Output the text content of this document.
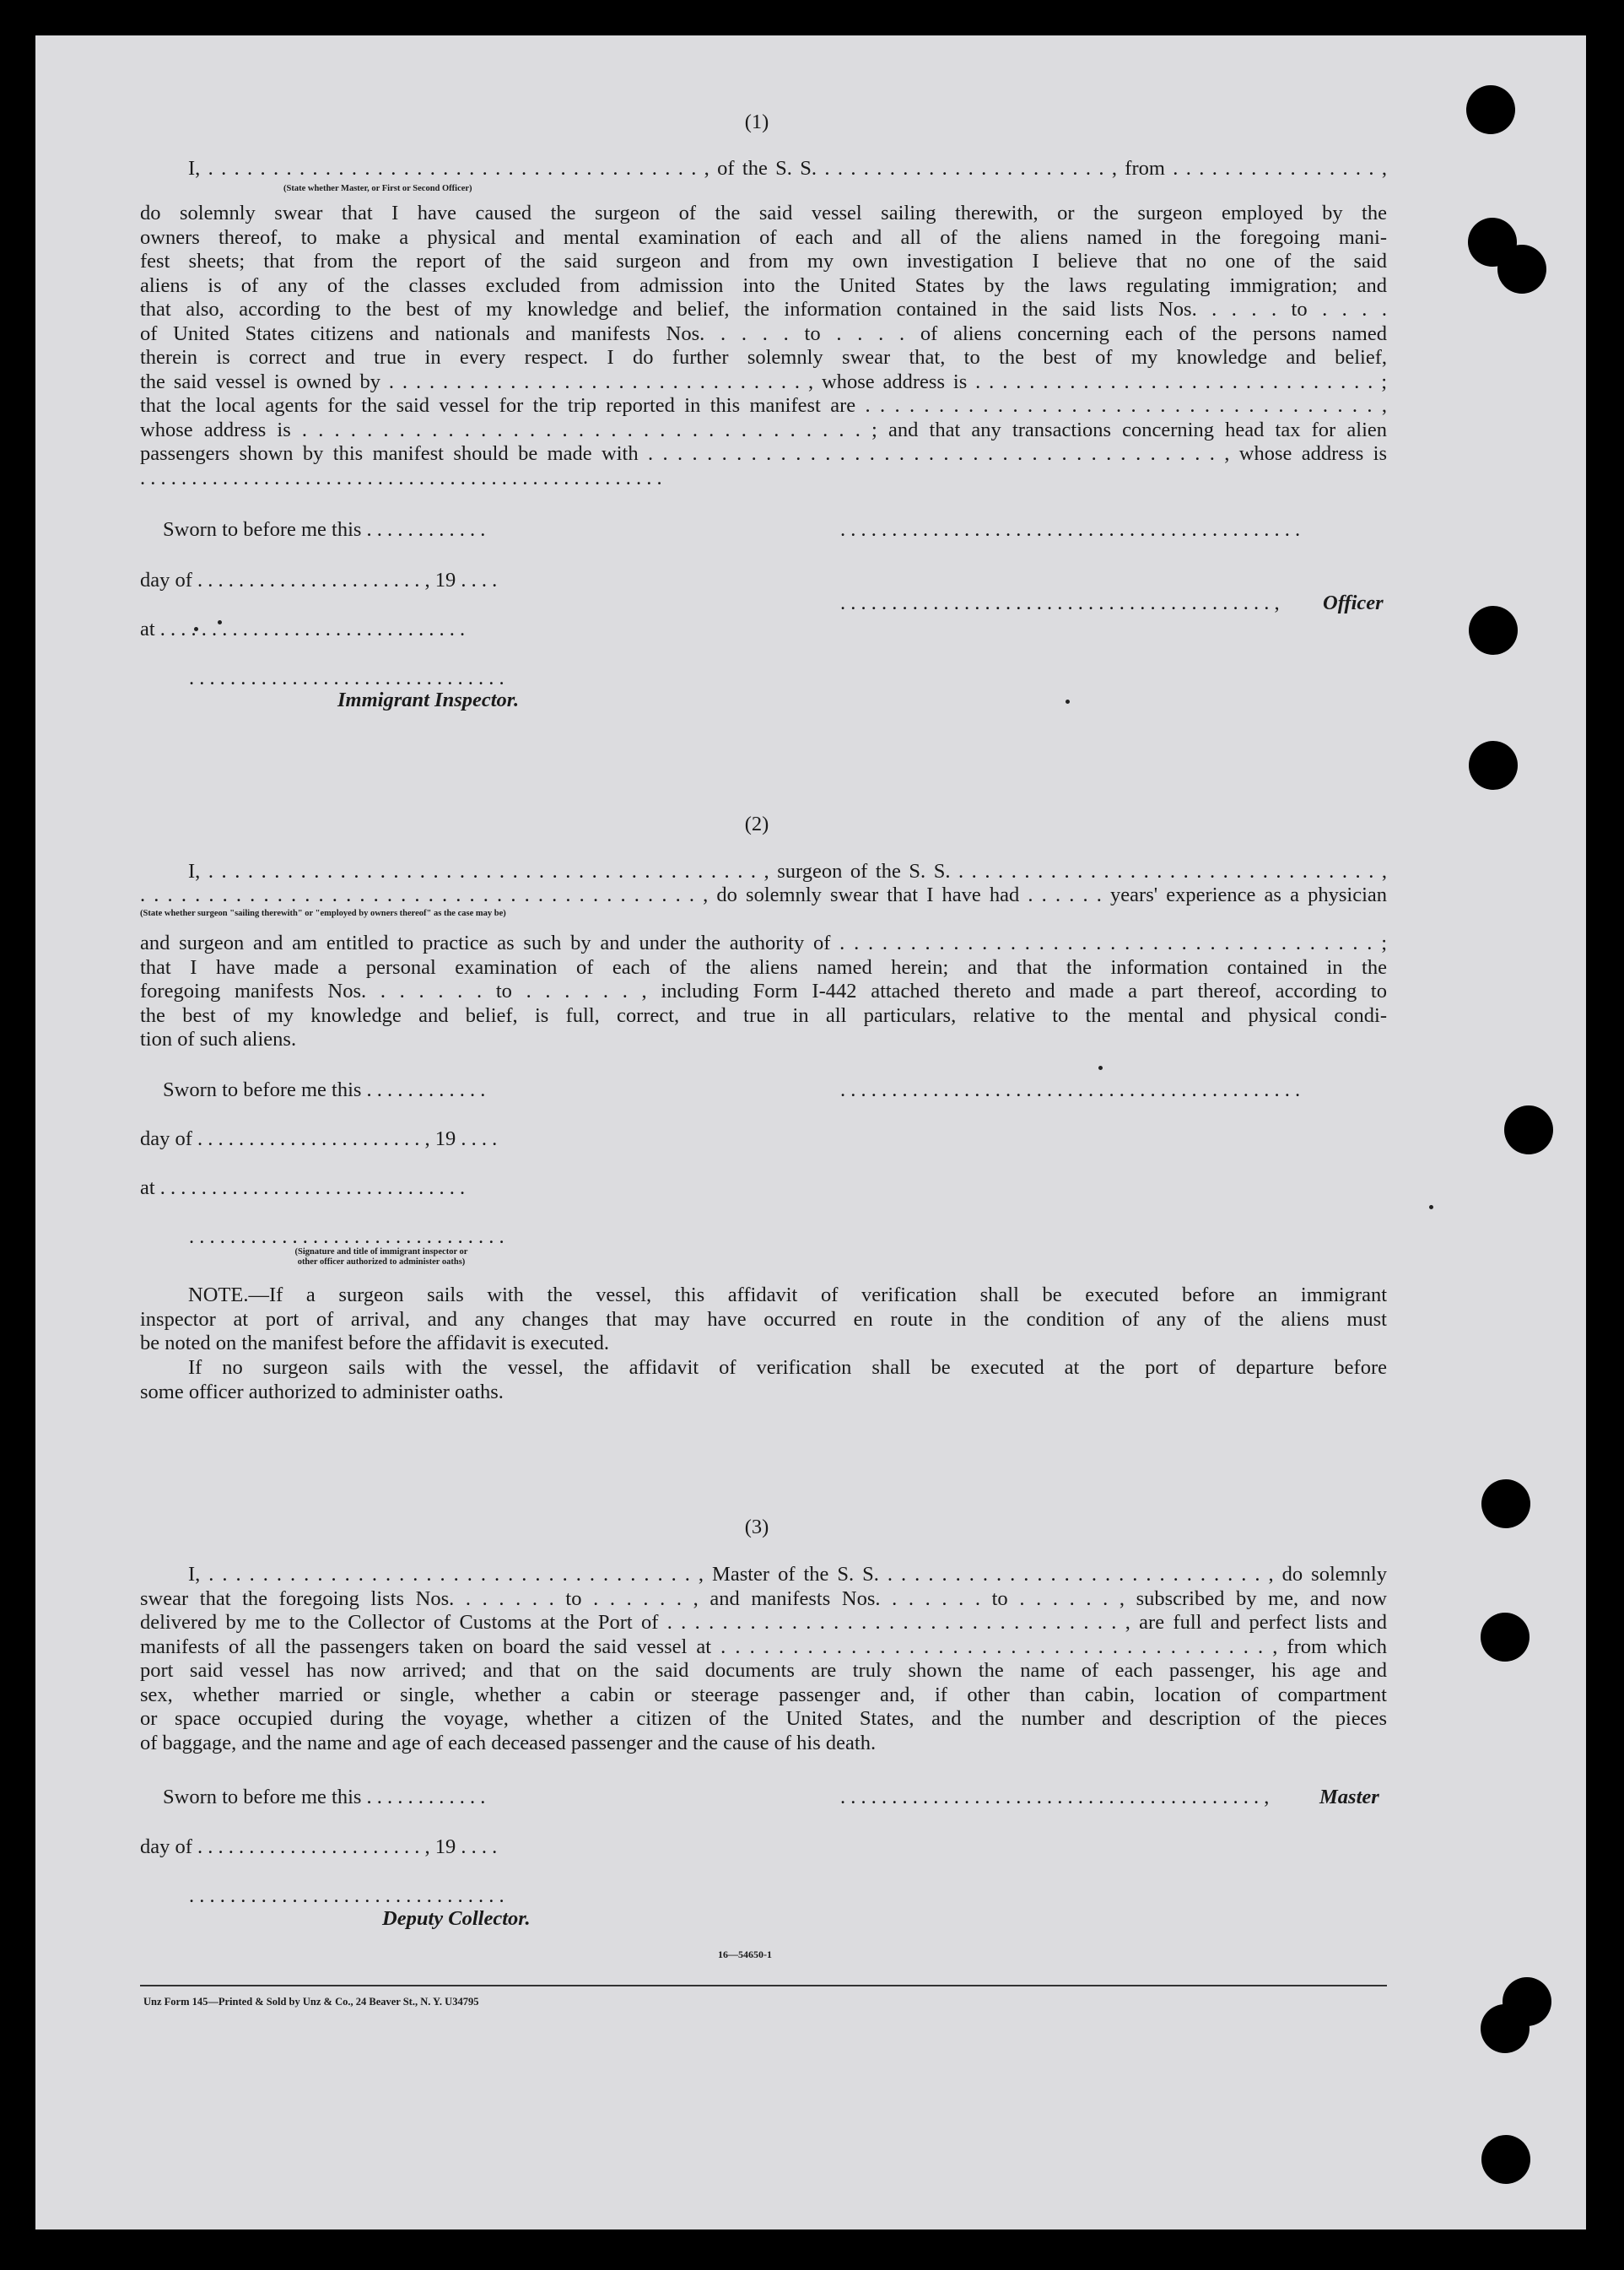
(1)
I, . . . . . . . . . . . . . . . . . . . . . . . . . . . . . . . . . . . . . . , of the S. S. . . . . . . . . . . . . . . . . . . . . . . , from . . . . . . . . . . . . . . . . ,
(State whether Master, or First or Second Officer)
do solemnly swear that I have caused the surgeon of the said vessel sailing therewith, or the surgeon employed by the
owners thereof, to make a physical and mental examination of each and all of the aliens named in the foregoing mani-
fest sheets; that from the report of the said surgeon and from my own investigation I believe that no one of the said
aliens is of any of the classes excluded from admission into the United States by the laws regulating immigration; and
that also, according to the best of my knowledge and belief, the information contained in the said lists Nos. . . . . to . . . .
of United States citizens and nationals and manifests Nos. . . . . to . . . . of aliens concerning each of the persons named
therein is correct and true in every respect. I do further solemnly swear that, to the best of my knowledge and belief,
the said vessel is owned by . . . . . . . . . . . . . . . . . . . . . . . . . . . . . . . , whose address is . . . . . . . . . . . . . . . . . . . . . . . . . . . . . . ;
that the local agents for the said vessel for the trip reported in this manifest are . . . . . . . . . . . . . . . . . . . . . . . . . . . . . . . . . . . ,
whose address is . . . . . . . . . . . . . . . . . . . . . . . . . . . . . . . . . . . ; and that any transactions concerning head tax for alien
passengers shown by this manifest should be made with . . . . . . . . . . . . . . . . . . . . . . . . . . . . . . . . . . . . . . . , whose address is
. . . . . . . . . . . . . . . . . . . . . . . . . . . . . . . . . . . . . . . . . . . . . . . . . . .
Sworn to before me this . . . . . . . . . . . .
day of . . . . . . . . . . . . . . . . . . . . . . , 19 . . . .
at . . . . . . . . . . . . . . . . . . . . . . . . . . . . . .
. . . . . . . . . . . . . . . . . . . . . . . . . . . . . . .
Immigrant Inspector.
. . . . . . . . . . . . . . . . . . . . . . . . . . . . . . . . . . . . . . . . . . . . .
. . . . . . . . . . . . . . . . . . . . . . . . . . . . . . . . . . . . . . . . . . , Officer
(2)
I, . . . . . . . . . . . . . . . . . . . . . . . . . . . . . . . . . . . . . . . . . . , surgeon of the S. S. . . . . . . . . . . . . . . . . . . . . . . . . . . . . . . . . ,
. . . . . . . . . . . . . . . . . . . . . . . . . . . . . . . . . . . . . . . . . , do solemnly swear that I have had . . . . . . years' experience as a physician
(State whether surgeon "sailing therewith" or "employed by owners thereof" as the case may be)
and surgeon and am entitled to practice as such by and under the authority of . . . . . . . . . . . . . . . . . . . . . . . . . . . . . . . . . . . . . . ;
that I have made a personal examination of each of the aliens named herein; and that the information contained in the
foregoing manifests Nos. . . . . . . to . . . . . . , including Form I-442 attached thereto and made a part thereof, according to
the best of my knowledge and belief, is full, correct, and true in all particulars, relative to the mental and physical condi-
tion of such aliens.
Sworn to before me this . . . . . . . . . . . .
day of . . . . . . . . . . . . . . . . . . . . . . , 19 . . . .
at . . . . . . . . . . . . . . . . . . . . . . . . . . . . . .
. . . . . . . . . . . . . . . . . . . . . . . . . . . . . . .
(Signature and title of immigrant inspector or
other officer authorized to administer oaths)
. . . . . . . . . . . . . . . . . . . . . . . . . . . . . . . . . . . . . . . . . . . . .
NOTE.—If a surgeon sails with the vessel, this affidavit of verification shall be executed before an immigrant
inspector at port of arrival, and any changes that may have occurred en route in the condition of any of the aliens must
be noted on the manifest before the affidavit is executed.
If no surgeon sails with the vessel, the affidavit of verification shall be executed at the port of departure before
some officer authorized to administer oaths.
(3)
I, . . . . . . . . . . . . . . . . . . . . . . . . . . . . . . . . . . . . , Master of the S. S. . . . . . . . . . . . . . . . . . . . . . . . . . . . . , do solemnly
swear that the foregoing lists Nos. . . . . . . to . . . . . . , and manifests Nos. . . . . . . to . . . . . . , subscribed by me, and now
delivered by me to the Collector of Customs at the Port of . . . . . . . . . . . . . . . . . . . . . . . . . . . . . . . . . , are full and perfect lists and
manifests of all the passengers taken on board the said vessel at . . . . . . . . . . . . . . . . . . . . . . . . . . . . . . . . . . . . . . , from which
port said vessel has now arrived; and that on the said documents are truly shown the name of each passenger, his age and
sex, whether married or single, whether a cabin or steerage passenger and, if other than cabin, location of compartment
or space occupied during the voyage, whether a citizen of the United States, and the number and description of the pieces
of baggage, and the name and age of each deceased passenger and the cause of his death.
Sworn to before me this . . . . . . . . . . . .
day of . . . . . . . . . . . . . . . . . . . . . . , 19 . . . .
. . . . . . . . . . . . . . . . . . . . . . . . . . . . . . .
Deputy Collector.
. . . . . . . . . . . . . . . . . . . . . . . . . . . . . . . . . . . . . . . . . , Master
16—54650-1
Unz Form 145—Printed & Sold by Unz & Co., 24 Beaver St., N. Y. U34795
